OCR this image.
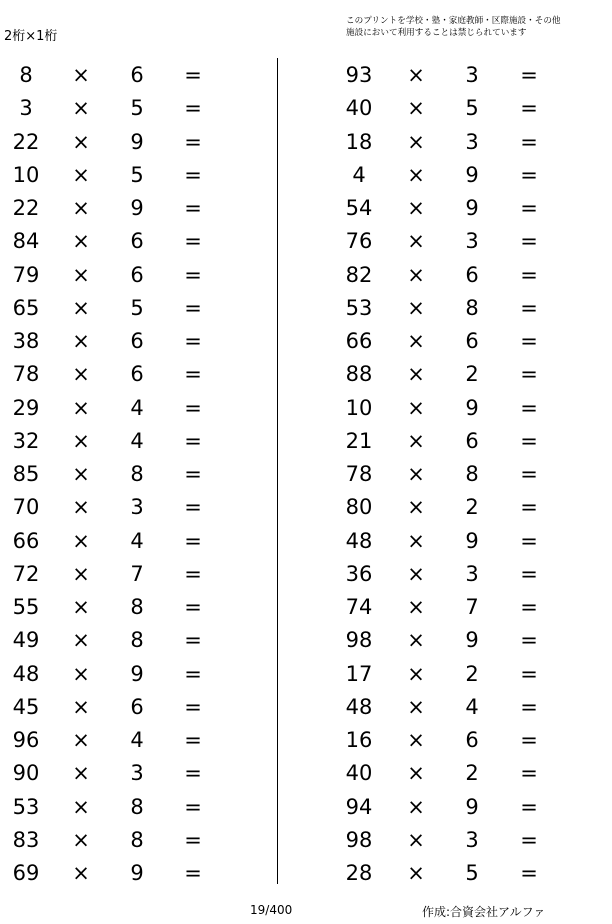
2桁×1桁
このプリントを学校・塾・家庭教師・区際施設・その他
施設において利用することは禁じられています
8	×	6	=
3	×	5	=
22 ×	9	=
10 ×	5	=
22 ×	9	=
84 ×	6	=
79 ×	6	=
65 ×	5	=
38 ×	6	=
78 ×	6	=
29 ×	4	=
32 ×	4	=
85 ×	8	=
70 ×	3	=
66 ×	4	=
72 ×	7	=
55 ×	8	=
49 ×	8	=
48 ×	9	=
45 ×	6	=
96 ×	4	=
90 ×	3	=
53 ×	8	=
83 ×	8	=
69 ×	9	=
93 ×	3	=
40 ×	5	=
18 ×	3	=
4	×	9	=
54 ×	9	=
76 ×	3	=
82 ×	6	=
53 ×	8	=
66 ×	6	=
88 ×	2	=
10 ×	9	=
21 ×	6	=
78 ×	8	=
80 ×	2	=
48 ×	9	=
36 ×	3	=
74 ×	7	=
98 ×	9	=
17 ×	2	=
48 ×	4	=
16 ×	6	=
40 ×	2	=
94 ×	9	=
98 ×	3	=
28 ×	5	=
19/400	作成:合資会社アルファ
